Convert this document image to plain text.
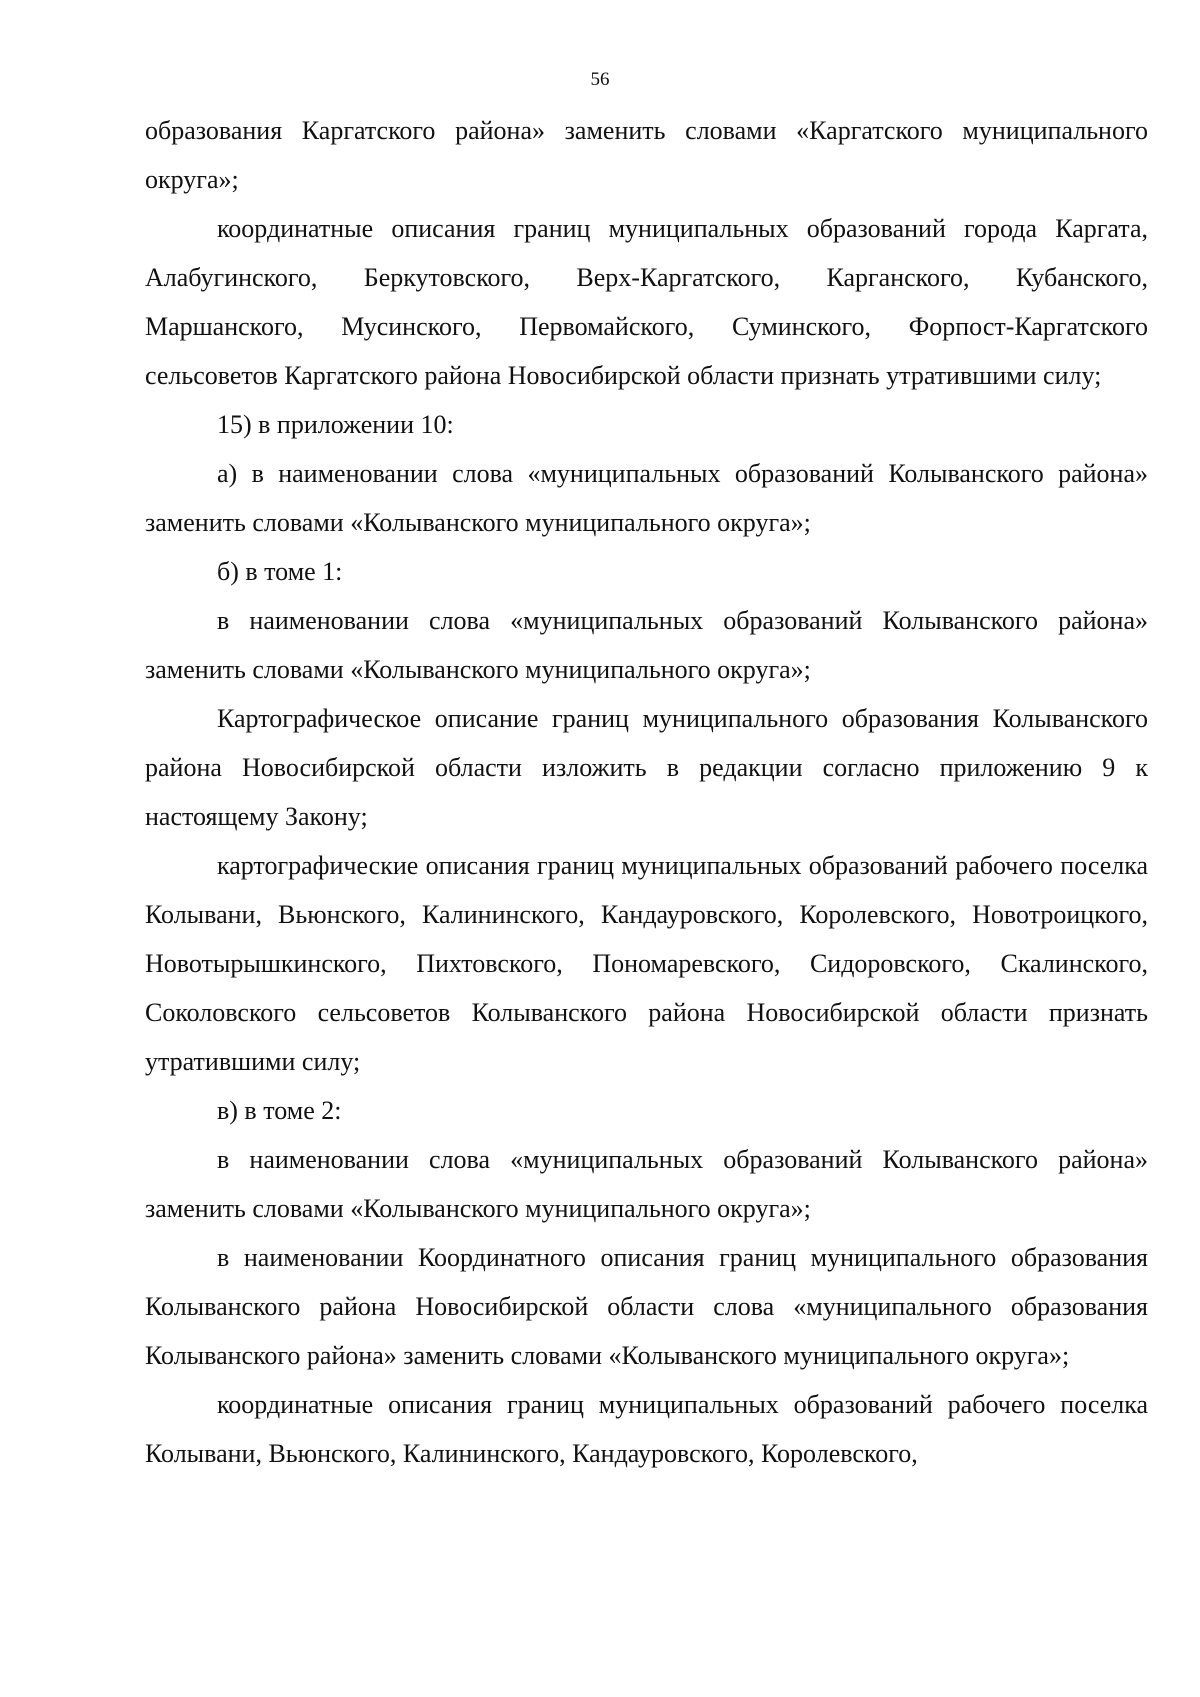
56

образования Каргатского района» заменить словами «Каргатского муниципального округа»;

координатные описания границ муниципальных образований города Каргата, Алабугинского, Беркутовского, Верх-Каргатского, Карганского, Кубанского, Маршанского, Мусинского, Первомайского, Суминского, Форпост-Каргатского сельсоветов Каргатского района Новосибирской области признать утратившими силу;

15) в приложении 10:

а) в наименовании слова «муниципальных образований Колыванского района» заменить словами «Колыванского муниципального округа»;

б) в томе 1:

в наименовании слова «муниципальных образований Колыванского района» заменить словами «Колыванского муниципального округа»;

Картографическое описание границ муниципального образования Колыванского района Новосибирской области изложить в редакции согласно приложению 9 к настоящему Закону;

картографические описания границ муниципальных образований рабочего поселка Колывани, Вьюнского, Калининского, Кандауровского, Королевского, Новотроицкого, Новотырышкинского, Пихтовского, Пономаревского, Сидоровского, Скалинского, Соколовского сельсоветов Колыванского района Новосибирской области признать утратившими силу;

в) в томе 2:

в наименовании слова «муниципальных образований Колыванского района» заменить словами «Колыванского муниципального округа»;

в наименовании Координатного описания границ муниципального образования Колыванского района Новосибирской области слова «муниципального образования Колыванского района» заменить словами «Колыванского муниципального округа»;

координатные описания границ муниципальных образований рабочего поселка Колывани, Вьюнского, Калининского, Кандауровского, Королевского,
